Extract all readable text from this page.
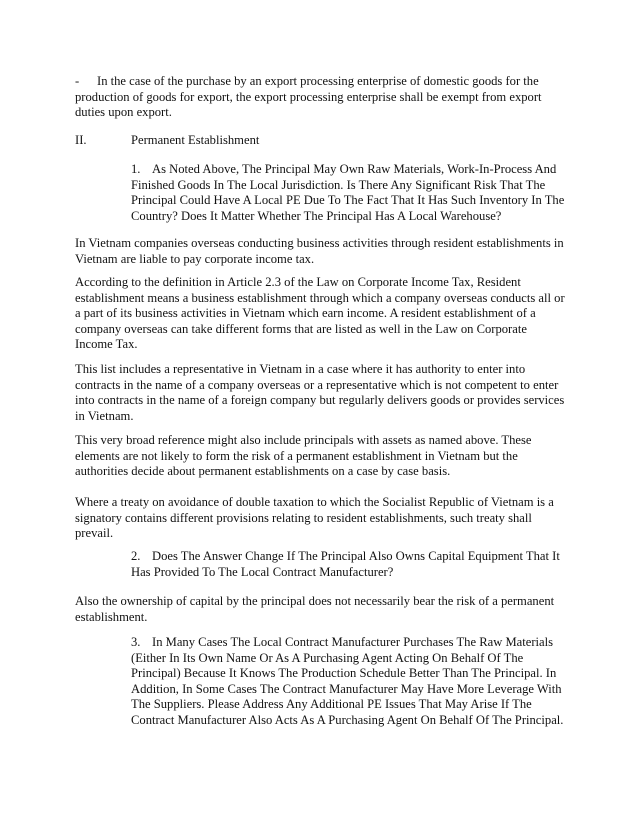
- In the case of the purchase by an export processing enterprise of domestic goods for the production of goods for export, the export processing enterprise shall be exempt from export duties upon export.

II.	Permanent Establishment

1. As Noted Above, The Principal May Own Raw Materials, Work-In-Process And Finished Goods In The Local Jurisdiction. Is There Any Significant Risk That The Principal Could Have A Local PE Due To The Fact That It Has Such Inventory In The Country? Does It Matter Whether The Principal Has A Local Warehouse?

In Vietnam companies overseas conducting business activities through resident establishments in Vietnam are liable to pay corporate income tax.

According to the definition in Article 2.3 of the Law on Corporate Income Tax, Resident establishment means a business establishment through which a company overseas conducts all or a part of its business activities in Vietnam which earn income. A resident establishment of a company overseas can take different forms that are listed as well in the Law on Corporate Income Tax.

This list includes a representative in Vietnam in a case where it has authority to enter into contracts in the name of a company overseas or a representative which is not competent to enter into contracts in the name of a foreign company but regularly delivers goods or provides services in Vietnam.

This very broad reference might also include principals with assets as named above. These elements are not likely to form the risk of a permanent establishment in Vietnam but the authorities decide about permanent establishments on a case by case basis.

Where a treaty on avoidance of double taxation to which the Socialist Republic of Vietnam is a signatory contains different provisions relating to resident establishments, such treaty shall prevail.

2. Does The Answer Change If The Principal Also Owns Capital Equipment That It Has Provided To The Local Contract Manufacturer?

Also the ownership of capital by the principal does not necessarily bear the risk of a permanent establishment.

3. In Many Cases The Local Contract Manufacturer Purchases The Raw Materials (Either In Its Own Name Or As A Purchasing Agent Acting On Behalf Of The Principal) Because It Knows The Production Schedule Better Than The Principal. In Addition, In Some Cases The Contract Manufacturer May Have More Leverage With The Suppliers. Please Address Any Additional PE Issues That May Arise If The Contract Manufacturer Also Acts As A Purchasing Agent On Behalf Of The Principal.
